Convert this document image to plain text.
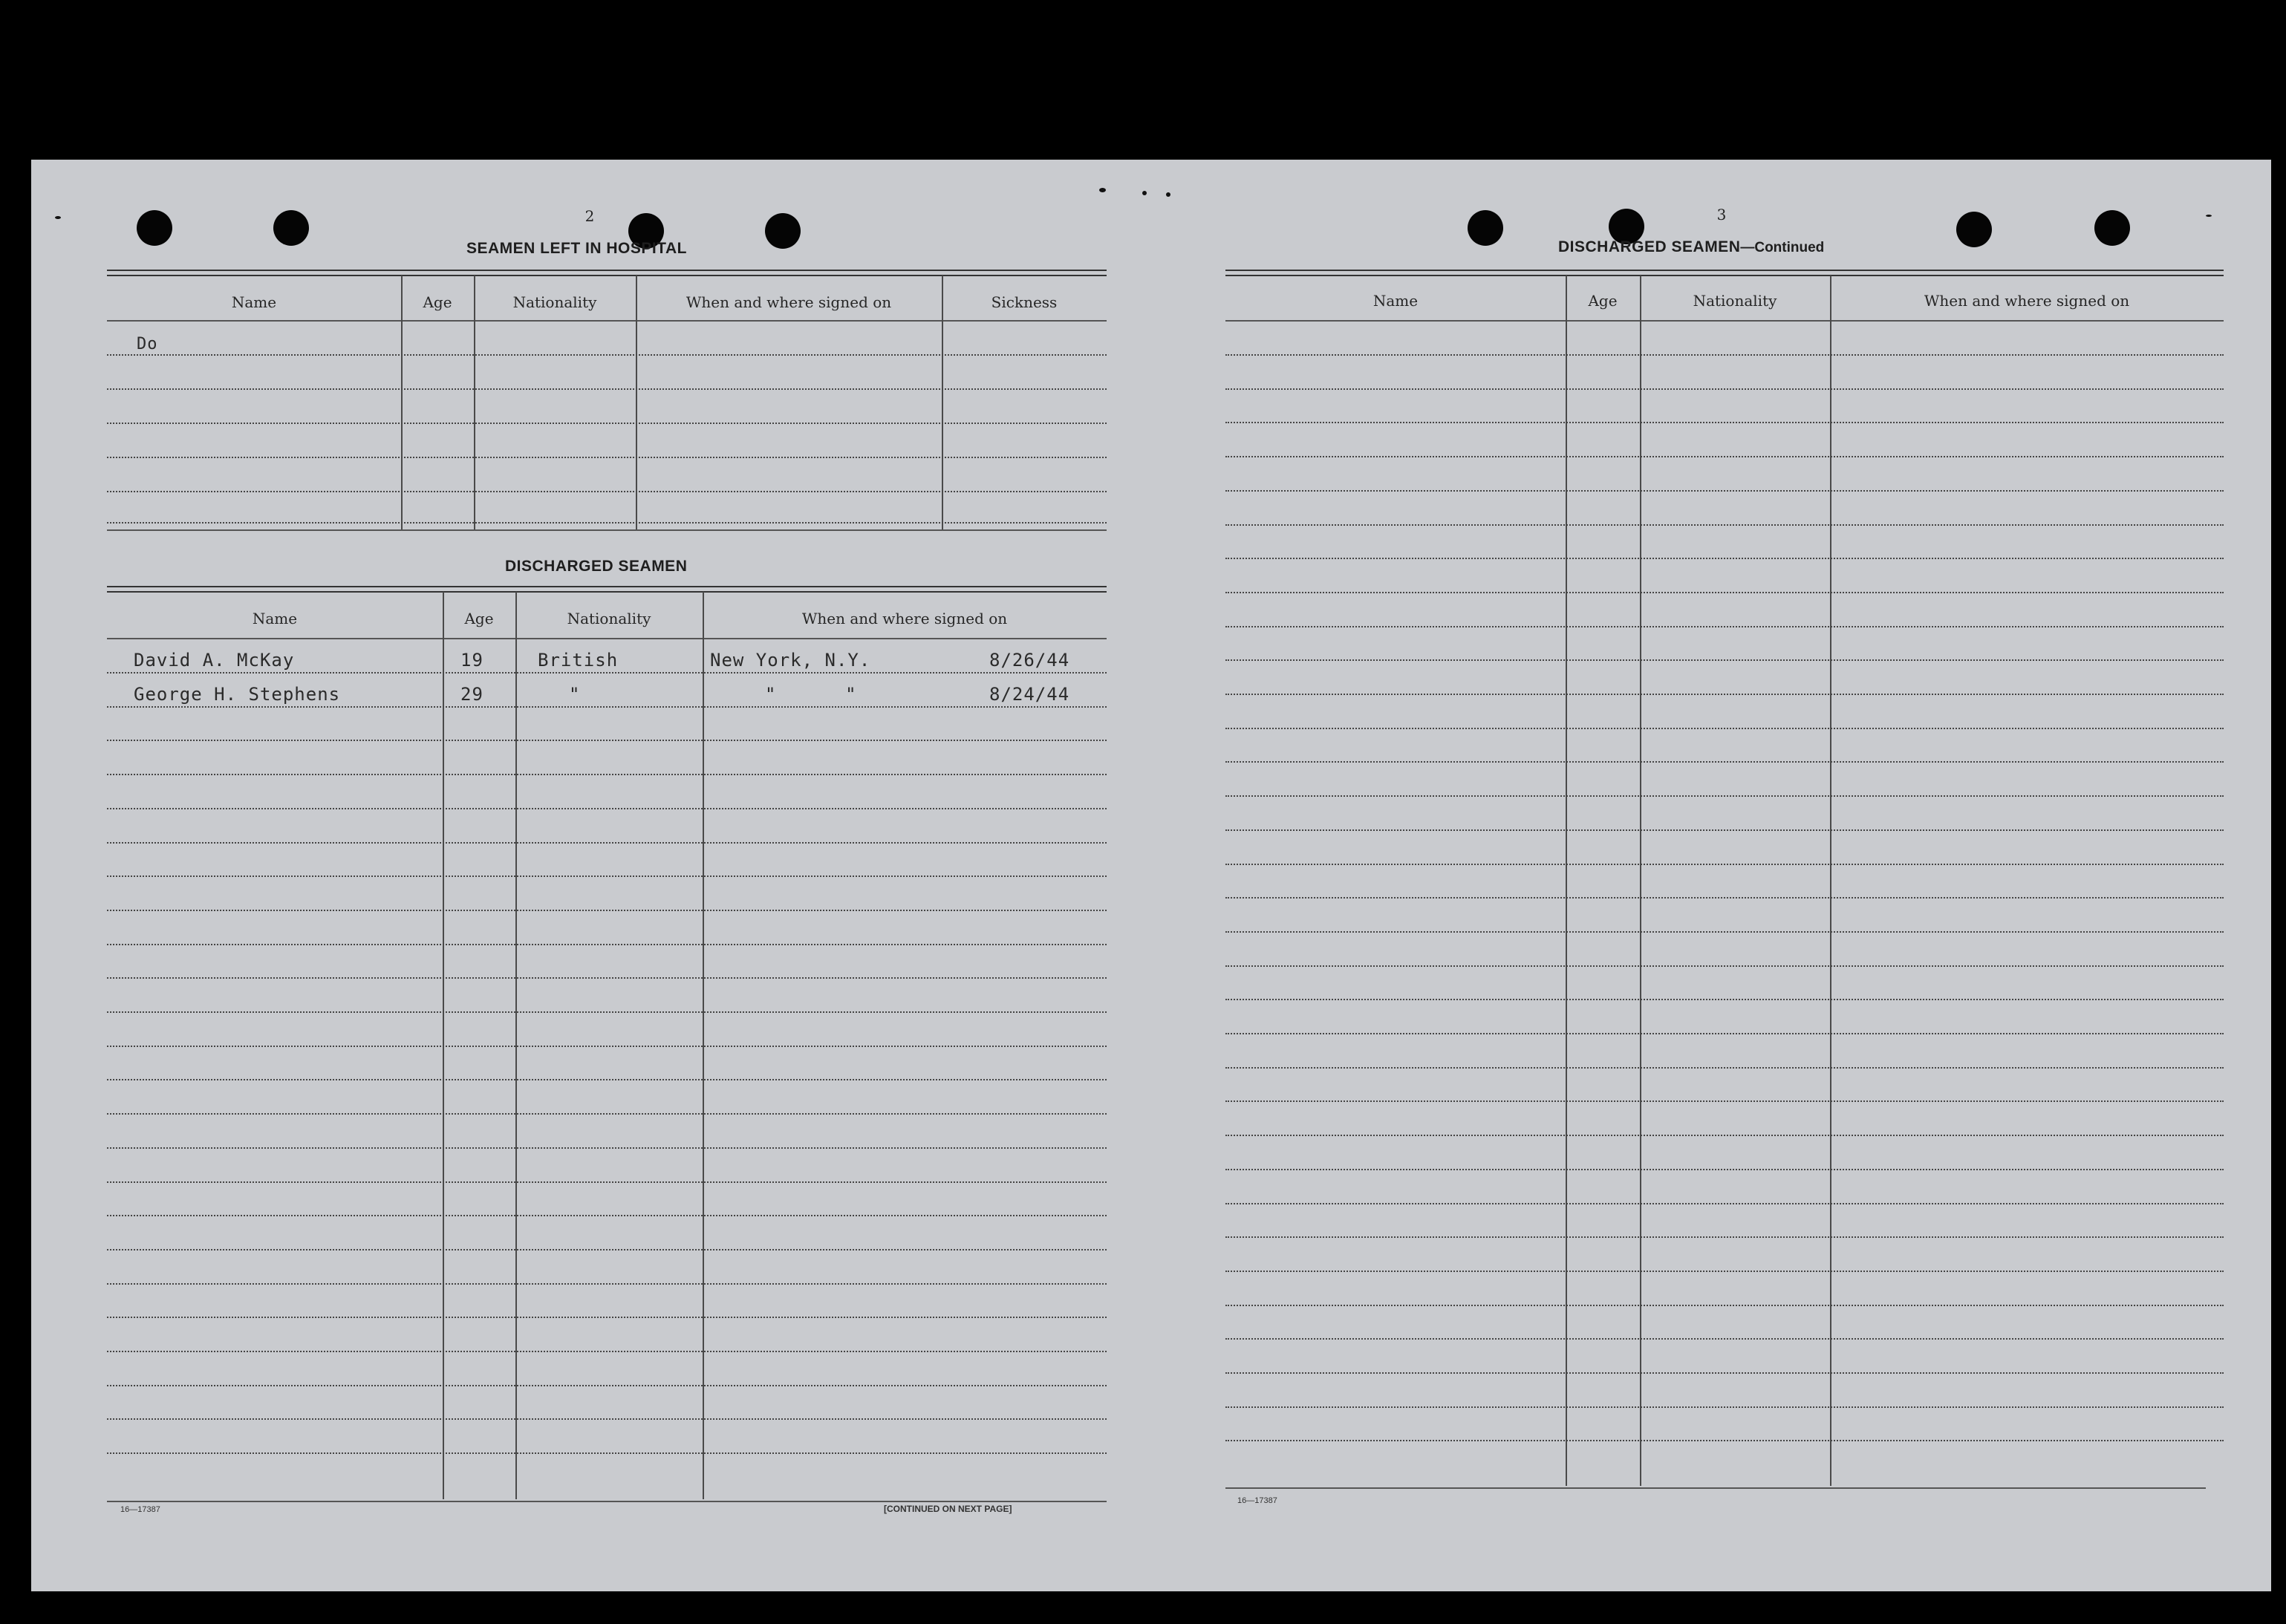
2
SEAMEN LEFT IN HOSPITAL
Name	Age	Nationality	When and where signed on	Sickness
Do
DISCHARGED SEAMEN
Name	Age	Nationality	When and where signed on
David A. McKay	19	British	New York, N.Y.	8/26/44
George H. Stephens	29	"	"      "	8/24/44
16—17387	[CONTINUED ON NEXT PAGE]
3
DISCHARGED SEAMEN—Continued
Name	Age	Nationality	When and where signed on
16—17387
